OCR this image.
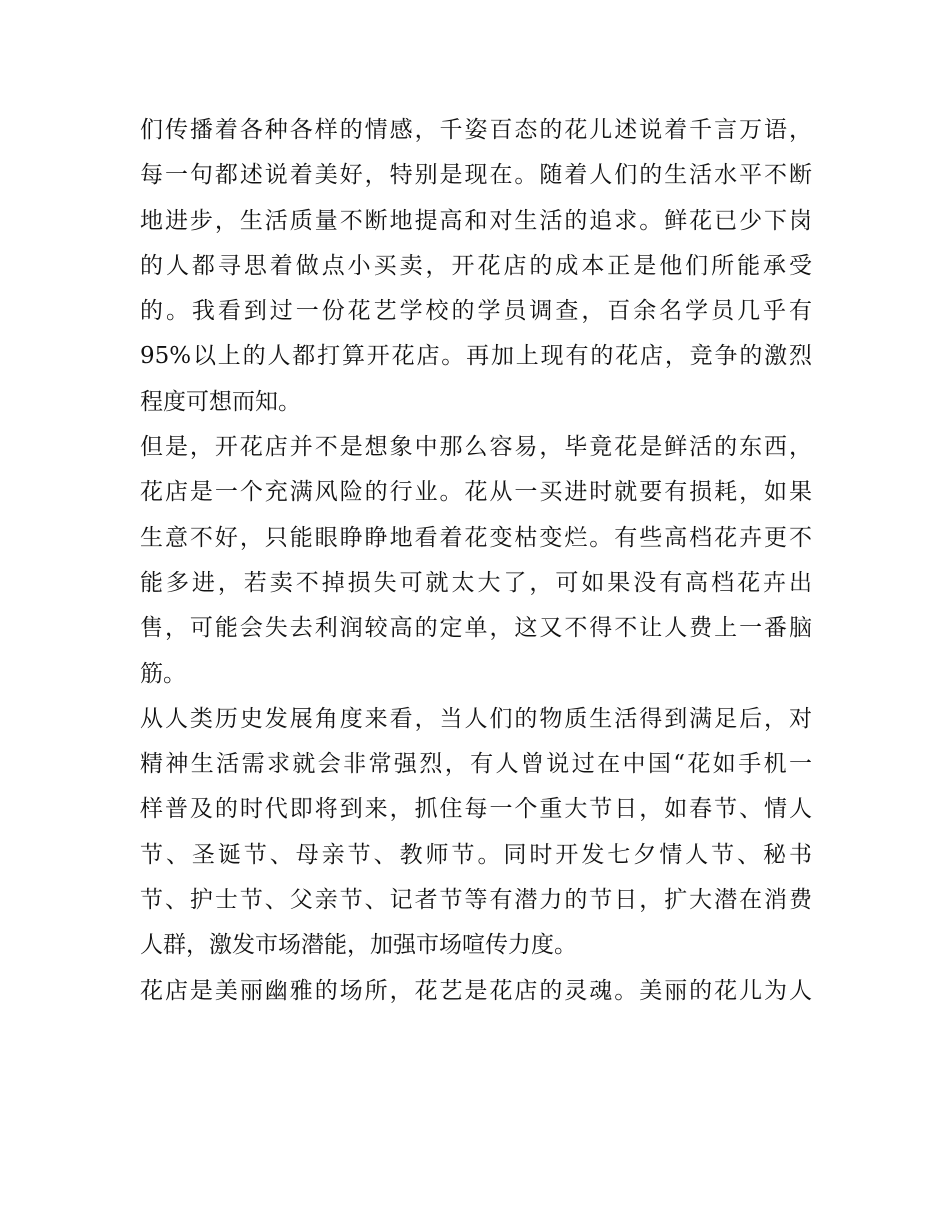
们传播着各种各样的情感，千姿百态的花儿述说着千言万语，
每一句都述说着美好，特别是现在。随着人们的生活水平不断
地进步，生活质量不断地提高和对生活的追求。鲜花已少下岗
的人都寻思着做点小买卖，开花店的成本正是他们所能承受
的。我看到过一份花艺学校的学员调查，百余名学员几乎有
95%以上的人都打算开花店。再加上现有的花店，竞争的激烈
程度可想而知。
但是，开花店并不是想象中那么容易，毕竟花是鲜活的东西，
花店是一个充满风险的行业。花从一买进时就要有损耗，如果
生意不好，只能眼睁睁地看着花变枯变烂。有些高档花卉更不
能多进，若卖不掉损失可就太大了，可如果没有高档花卉出
售，可能会失去利润较高的定单，这又不得不让人费上一番脑
筋。
从人类历史发展角度来看，当人们的物质生活得到满足后，对
精神生活需求就会非常强烈，有人曾说过在中国“花如手机一
样普及的时代即将到来，抓住每一个重大节日，如春节、情人
节、圣诞节、母亲节、教师节。同时开发七夕情人节、秘书
节、护士节、父亲节、记者节等有潜力的节日，扩大潜在消费
人群，激发市场潜能，加强市场喧传力度。
花店是美丽幽雅的场所，花艺是花店的灵魂。美丽的花儿为人
